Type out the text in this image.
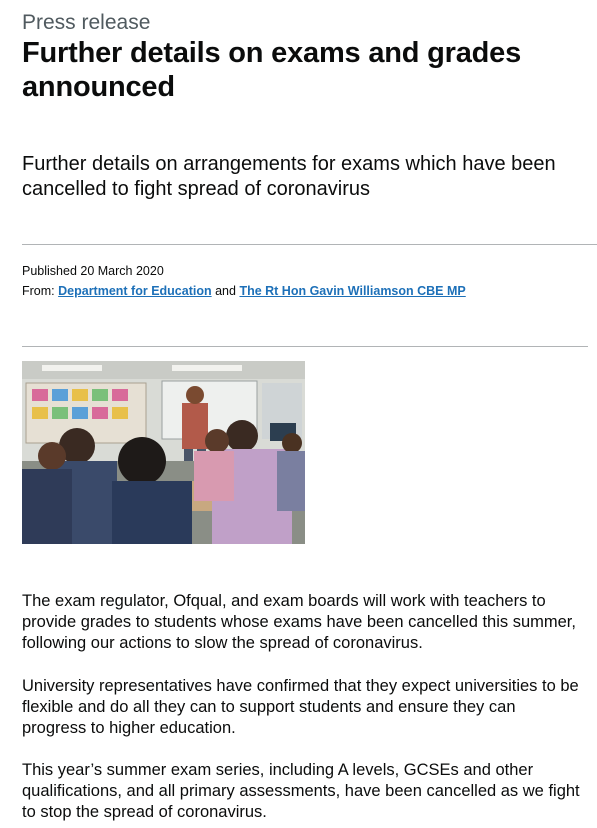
Press release
Further details on exams and grades announced
Further details on arrangements for exams which have been cancelled to fight spread of coronavirus
Published 20 March 2020
From: Department for Education and The Rt Hon Gavin Williamson CBE MP

The exam regulator, Ofqual, and exam boards will work with teachers to provide grades to students whose exams have been cancelled this summer, following our actions to slow the spread of coronavirus.

University representatives have confirmed that they expect universities to be flexible and do all they can to support students and ensure they can progress to higher education.

This year’s summer exam series, including A levels, GCSEs and other qualifications, and all primary assessments, have been cancelled as we fight to stop the spread of coronavirus.
